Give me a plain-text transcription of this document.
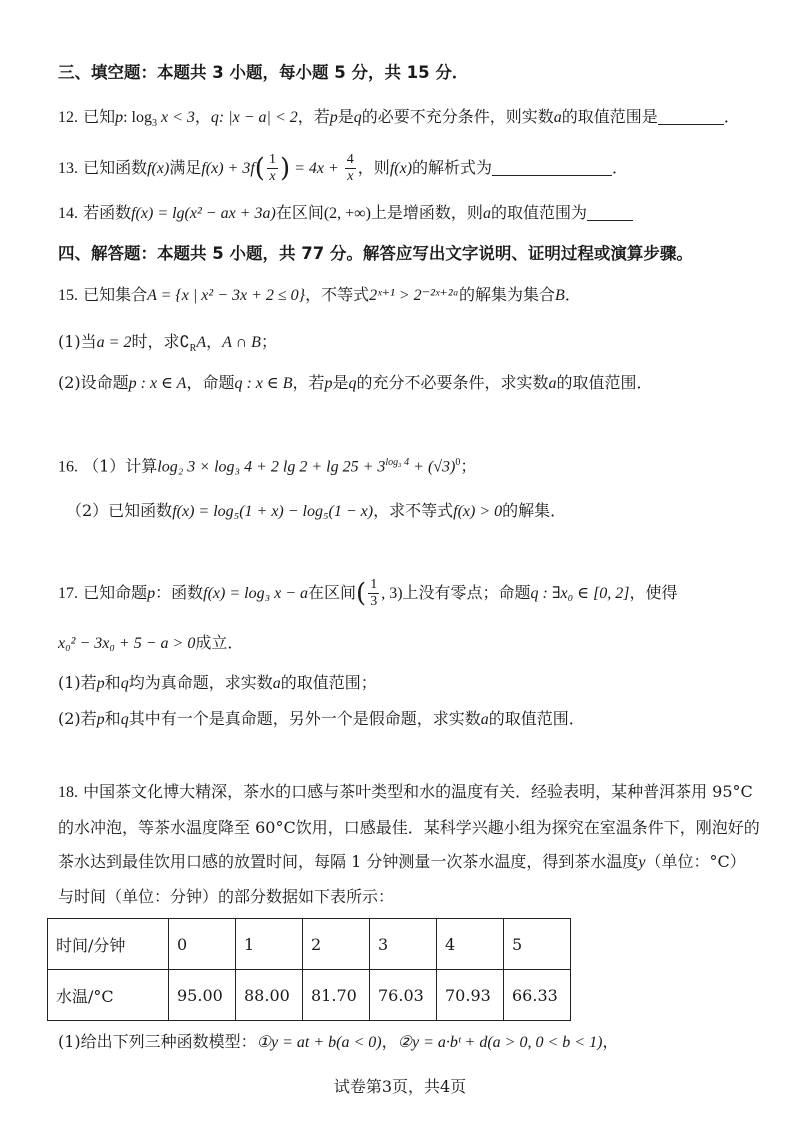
三、填空题：本题共 3 小题，每小题 5 分，共 15 分．
12. 已知p: $\log_3 x < 3$，q: |x − a| < 2，若p是q的必要不充分条件，则实数a的取值范围是	．
13. 已知函数f(x)满足$f(x) + 3f( \frac{1}{x}$ ) = $4x + \frac{4}{x}$ ，则f(x)的解析式为	．
14. 若函数f(x) = lg(x² − ax + 3a)在区间(2, +∞)上是增函数，则a的取值范围为
四、解答题：本题共 5 小题，共 77 分。解答应写出文字说明、证明过程或演算步骤。
15. 已知集合A = {x | x² − 3x + 2 ≤ 0}，不等式2ˣ⁺¹ > 2⁻²ˣ⁺²ᵃ的解集为集合B．
(1)当a = 2时，求$∁_RA$，A ∩ B；
(2)设命题p : x ∈ A，命题q : x ∈ B，若p是q的充分不必要条件，求实数a的取值范围．
16. （1）计算log₂ 3 × log₃ 4 + 2 $\lg 2 + \lg 25 + 3^{log_3 4} + (√3)^0$；
（2）已知函数f(x) = log₅(1 + x) − log₅(1 − x)，求不等式f(x) > 0的解集．
17. 已知命题p：函数f(x) = log₃ x − a在区间( $\frac{1}{3}$ , 3)上没有零点；命题q : ∃x₀ ∈ [0, 2]，使得
x₀² − 3x₀ + 5 − a > 0成立．
(1)若p和q均为真命题，求实数a的取值范围；
(2)若p和q其中有一个是真命题，另外一个是假命题，求实数a的取值范围．
18. 中国茶文化博大精深，茶水的口感与茶叶类型和水的温度有关．经验表明，某种普洱茶用 95°C
的水冲泡，等茶水温度降至 60°C饮用，口感最佳．某科学兴趣小组为探究在室温条件下，刚泡好的
茶水达到最佳饮用口感的放置时间，每隔 1 分钟测量一次茶水温度，得到茶水温度y（单位：°C）
与时间（单位：分钟）的部分数据如下表所示：
时间/分钟	0	1	2	3	4	5
水温/°C	95.00	88.00	81.70	76.03	70.93	66.33
(1)给出下列三种函数模型：①y = at + b(a < 0)，②y = a·bᵗ + d(a > 0, 0 < b < 1)，
试卷第3页，共4页
